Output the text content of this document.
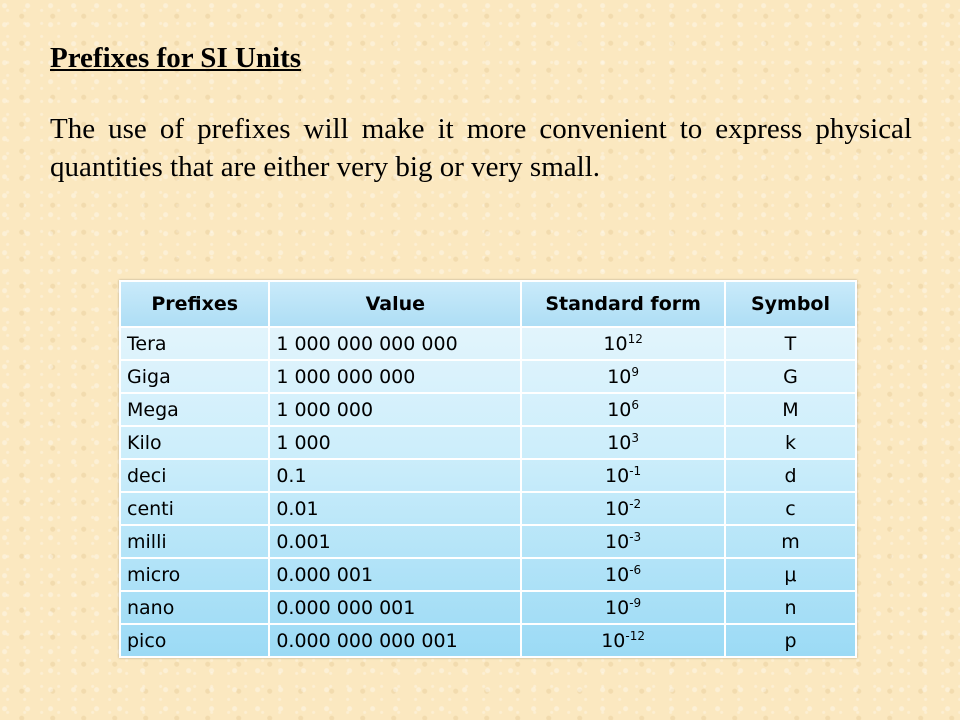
Prefixes for SI Units

The use of prefixes will make it more convenient to express physical quantities that are either very big or very small.

Prefixes	Value	Standard form	Symbol
Tera	1 000 000 000 000	$10^{12}$	T
Giga	1 000 000 000	$10^9$	G
Mega	1 000 000	$10^6$	M
Kilo	1 000	$10^3$	k
deci	0.1	$10^{-1}$	d
centi	0.01	$10^{-2}$	c
milli	0.001	$10^{-3}$	m
micro	0.000 001	$10^{-6}$	μ
nano	0.000 000 001	$10^{-9}$	n
pico	0.000 000 000 001	$10^{-12}$	p
